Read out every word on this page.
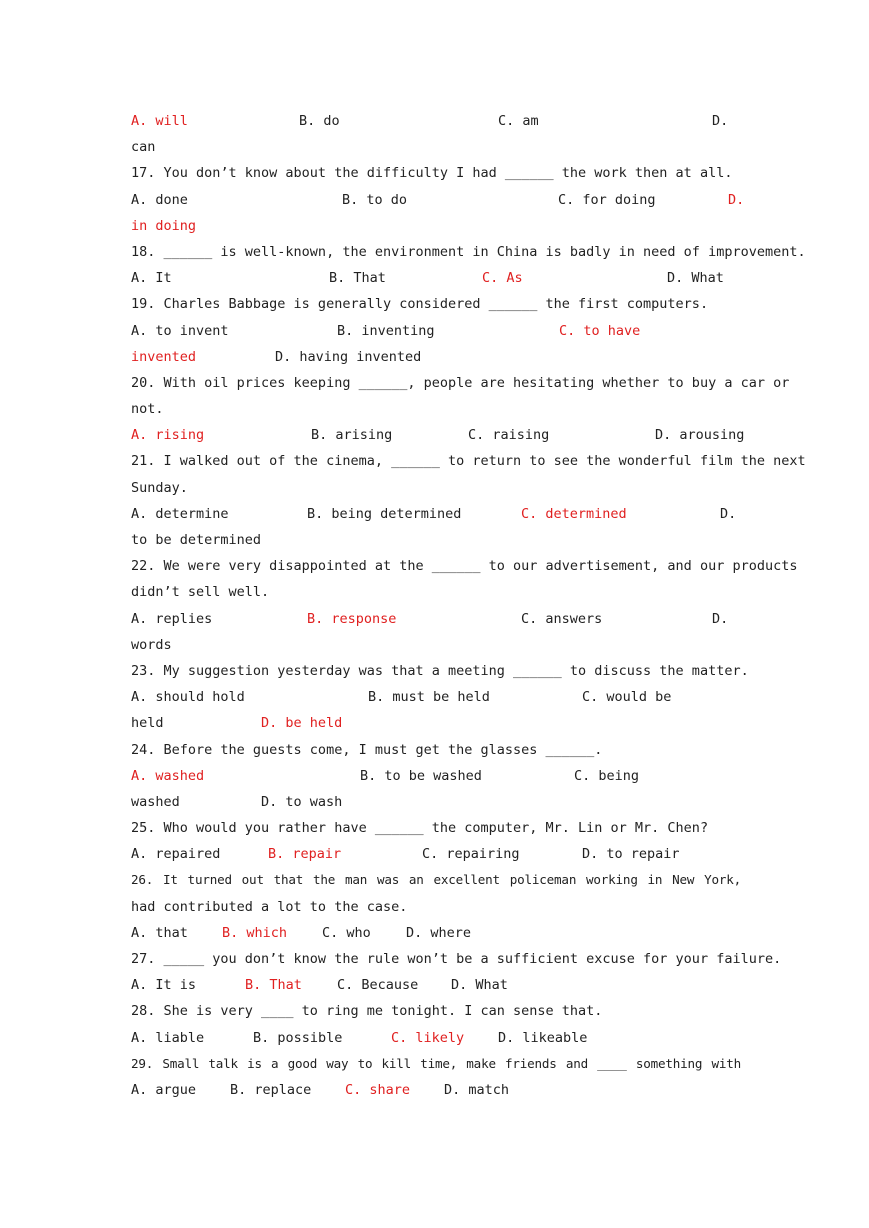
A. will	B. do	C. am	D.
can
17. You don’t know about the difficulty I had ______ the work then at all.
A. done	B. to do	C. for doing	D.
in doing
18. ______ is well-known, the environment in China is badly in need of improvement.
A. It	B. That	C. As	D. What
19. Charles Babbage is generally considered ______ the first computers.
A. to invent	B. inventing	C. to have
invented	D. having invented
20. With oil prices keeping ______, people are hesitating whether to buy a car or
not.
A. rising	B. arising	C. raising	D. arousing
21. I walked out of the cinema, ______ to return to see the wonderful film the next
Sunday.
A. determine	B. being determined	C. determined	D.
to be determined
22. We were very disappointed at the ______ to our advertisement, and our products
didn’t sell well.
A. replies	B. response	C. answers	D.
words
23. My suggestion yesterday was that a meeting ______ to discuss the matter.
A. should hold	B. must be held	C. would be
held	D. be held
24. Before the guests come, I must get the glasses ______.
A. washed	B. to be washed	C. being
washed	D. to wash
25. Who would you rather have ______ the computer, Mr. Lin or Mr. Chen?
A. repaired	B. repair	C. repairing	D. to repair
26. It turned out that the man was an excellent policeman working in New York,
had contributed a lot to the case.
A. that	B. which	C. who	D. where
27. _____ you don’t know the rule won’t be a sufficient excuse for your failure.
A. It is	B. That	C. Because D. What
28. She is very ____ to ring me tonight. I can sense that.
A. liable	B. possible	C. likely	D. likeable
29. Small talk is a good way to kill time, make friends and ____ something with
A. argue	B. replace C. share	D. match
